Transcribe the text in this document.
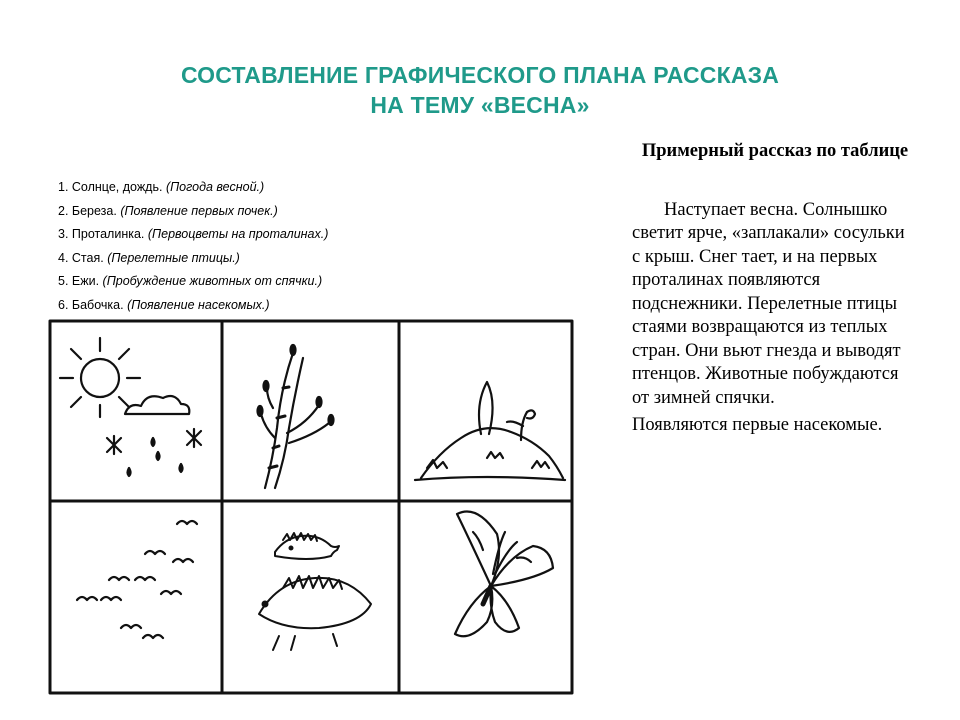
СОСТАВЛЕНИЕ ГРАФИЧЕСКОГО ПЛАНА РАССКАЗА
НА ТЕМУ «ВЕСНА»
1. Солнце, дождь. (Погода весной.)
2. Береза. (Появление первых почек.)
3. Проталинка. (Первоцветы на проталинах.)
4. Стая. (Перелетные птицы.)
5. Ежи. (Пробуждение животных от спячки.)
6. Бабочка. (Появление насекомых.)

Примерный рассказ по таблице

Наступает весна. Солнышко светит ярче, «заплакали» сосульки с крыш. Снег тает, и на первых проталинах появляются подснежники. Перелетные птицы стаями возвращаются из теплых стран. Они вьют гнезда и выводят птенцов. Животные побуждаются от зимней спячки.

Появляются первые насекомые.
